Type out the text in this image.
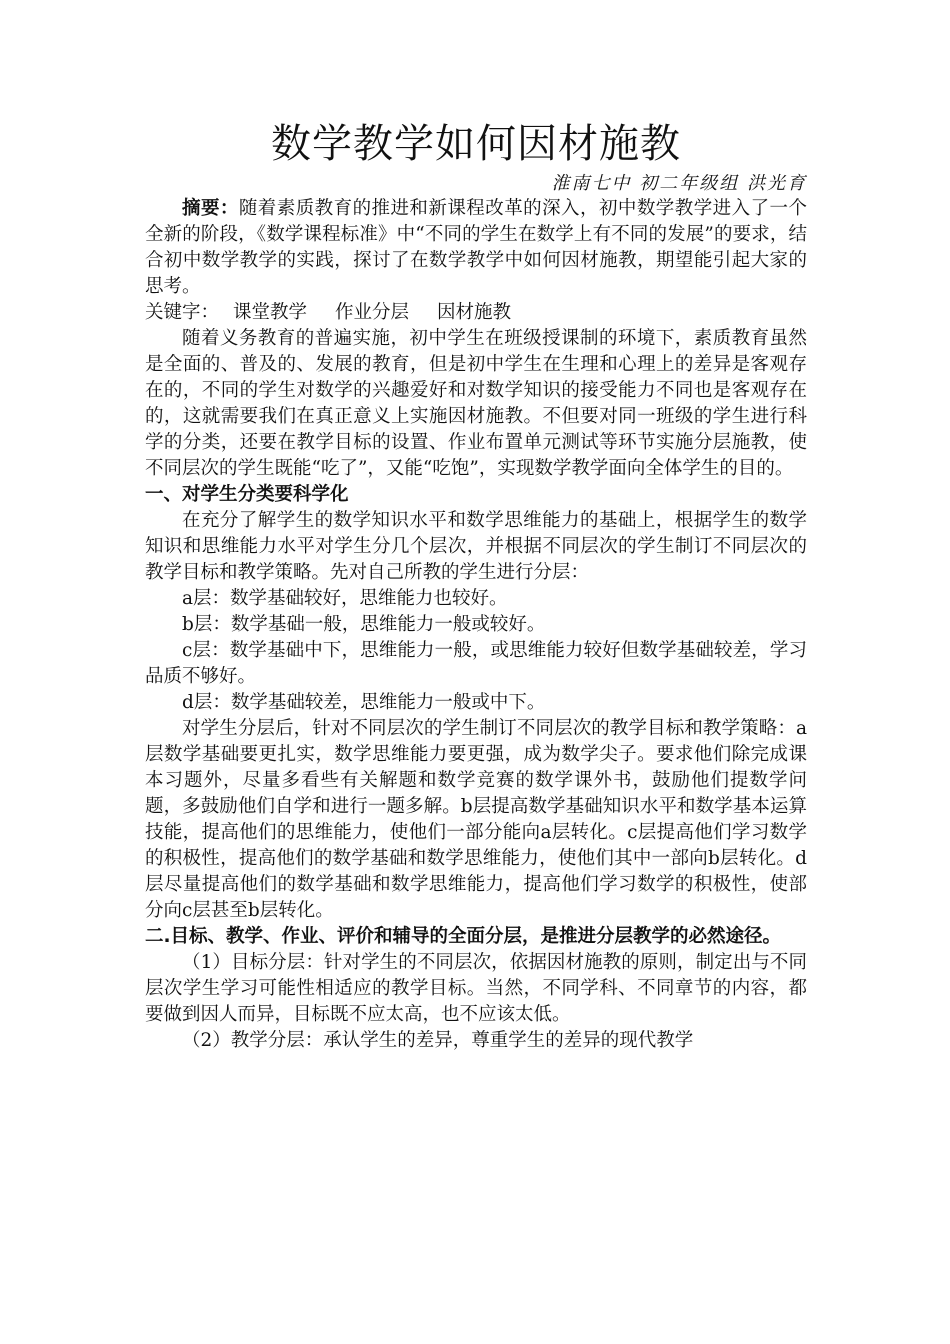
数学教学如何因材施教
淮南七中 初二年级组 洪光育

摘要：随着素质教育的推进和新课程改革的深入，初中数学教学进入了一个全新的阶段，《数学课程标准》中“不同的学生在数学上有不同的发展”的要求，结合初中数学教学的实践，探讨了在数学教学中如何因材施教，期望能引起大家的思考。

关键字： 课堂教学 作业分层 因材施教

随着义务教育的普遍实施，初中学生在班级授课制的环境下，素质教育虽然是全面的、普及的、发展的教育，但是初中学生在生理和心理上的差异是客观存在的，不同的学生对数学的兴趣爱好和对数学知识的接受能力不同也是客观存在的，这就需要我们在真正意义上实施因材施教。不但要对同一班级的学生进行科学的分类，还要在教学目标的设置、作业布置单元测试等环节实施分层施教，使不同层次的学生既能“吃了”，又能“吃饱”，实现数学教学面向全体学生的目的。

一、对学生分类要科学化

在充分了解学生的数学知识水平和数学思维能力的基础上，根据学生的数学知识和思维能力水平对学生分几个层次，并根据不同层次的学生制订不同层次的教学目标和教学策略。先对自己所教的学生进行分层：

a层：数学基础较好，思维能力也较好。

b层：数学基础一般，思维能力一般或较好。

c层：数学基础中下，思维能力一般，或思维能力较好但数学基础较差，学习品质不够好。

d层：数学基础较差，思维能力一般或中下。

对学生分层后，针对不同层次的学生制订不同层次的教学目标和教学策略：a层数学基础要更扎实，数学思维能力要更强，成为数学尖子。要求他们除完成课本习题外，尽量多看些有关解题和数学竞赛的数学课外书，鼓励他们提数学问题，多鼓励他们自学和进行一题多解。b层提高数学基础知识水平和数学基本运算技能，提高他们的思维能力，使他们一部分能向a层转化。c层提高他们学习数学的积极性，提高他们的数学基础和数学思维能力，使他们其中一部向b层转化。d层尽量提高他们的数学基础和数学思维能力，提高他们学习数学的积极性，使部分向c层甚至b层转化。

二.目标、教学、作业、评价和辅导的全面分层，是推进分层教学的必然途径。

（1）目标分层：针对学生的不同层次，依据因材施教的原则，制定出与不同层次学生学习可能性相适应的教学目标。当然，不同学科、不同章节的内容，都要做到因人而异，目标既不应太高，也不应该太低。

（2）教学分层：承认学生的差异，尊重学生的差异的现代教学
